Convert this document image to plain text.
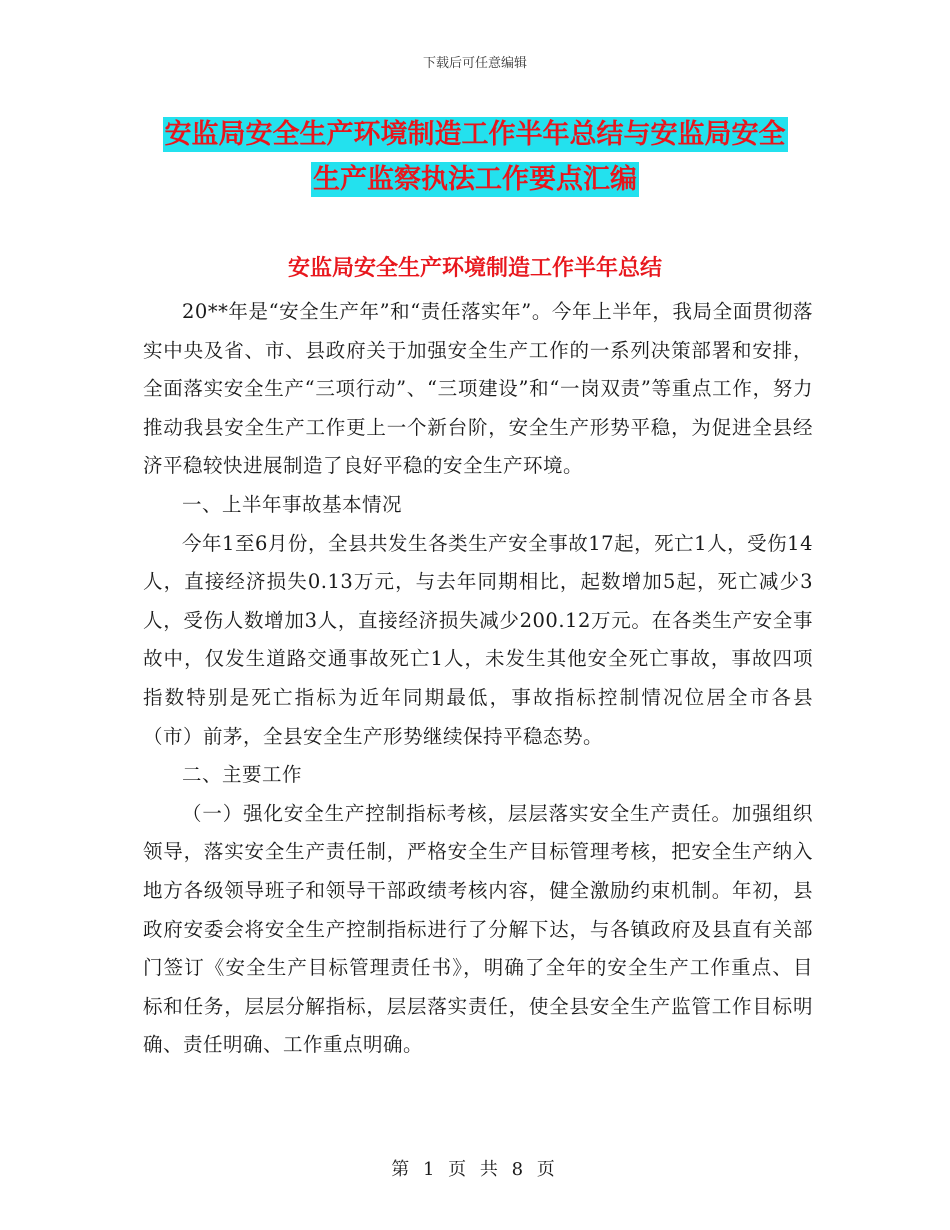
下载后可任意编辑
安监局安全生产环境制造工作半年总结与安监局安全
生产监察执法工作要点汇编
安监局安全生产环境制造工作半年总结

20**年是“安全生产年”和“责任落实年”。今年上半年，我局全面贯彻落实中央及省、市、县政府关于加强安全生产工作的一系列决策部署和安排，全面落实安全生产“三项行动”、“三项建设”和“一岗双责”等重点工作，努力推动我县安全生产工作更上一个新台阶，安全生产形势平稳，为促进全县经济平稳较快进展制造了良好平稳的安全生产环境。

一、上半年事故基本情况

今年1至6月份，全县共发生各类生产安全事故17起，死亡1人，受伤14人，直接经济损失0.13万元，与去年同期相比，起数增加5起，死亡减少3人，受伤人数增加3人，直接经济损失减少200.12万元。在各类生产安全事故中，仅发生道路交通事故死亡1人，未发生其他安全死亡事故，事故四项指数特别是死亡指标为近年同期最低，事故指标控制情况位居全市各县（市）前茅，全县安全生产形势继续保持平稳态势。

二、主要工作

（一）强化安全生产控制指标考核，层层落实安全生产责任。加强组织领导，落实安全生产责任制，严格安全生产目标管理考核，把安全生产纳入地方各级领导班子和领导干部政绩考核内容，健全激励约束机制。年初，县政府安委会将安全生产控制指标进行了分解下达，与各镇政府及县直有关部门签订《安全生产目标管理责任书》，明确了全年的安全生产工作重点、目标和任务，层层分解指标，层层落实责任，使全县安全生产监管工作目标明确、责任明确、工作重点明确。

第 1 页 共 8 页
